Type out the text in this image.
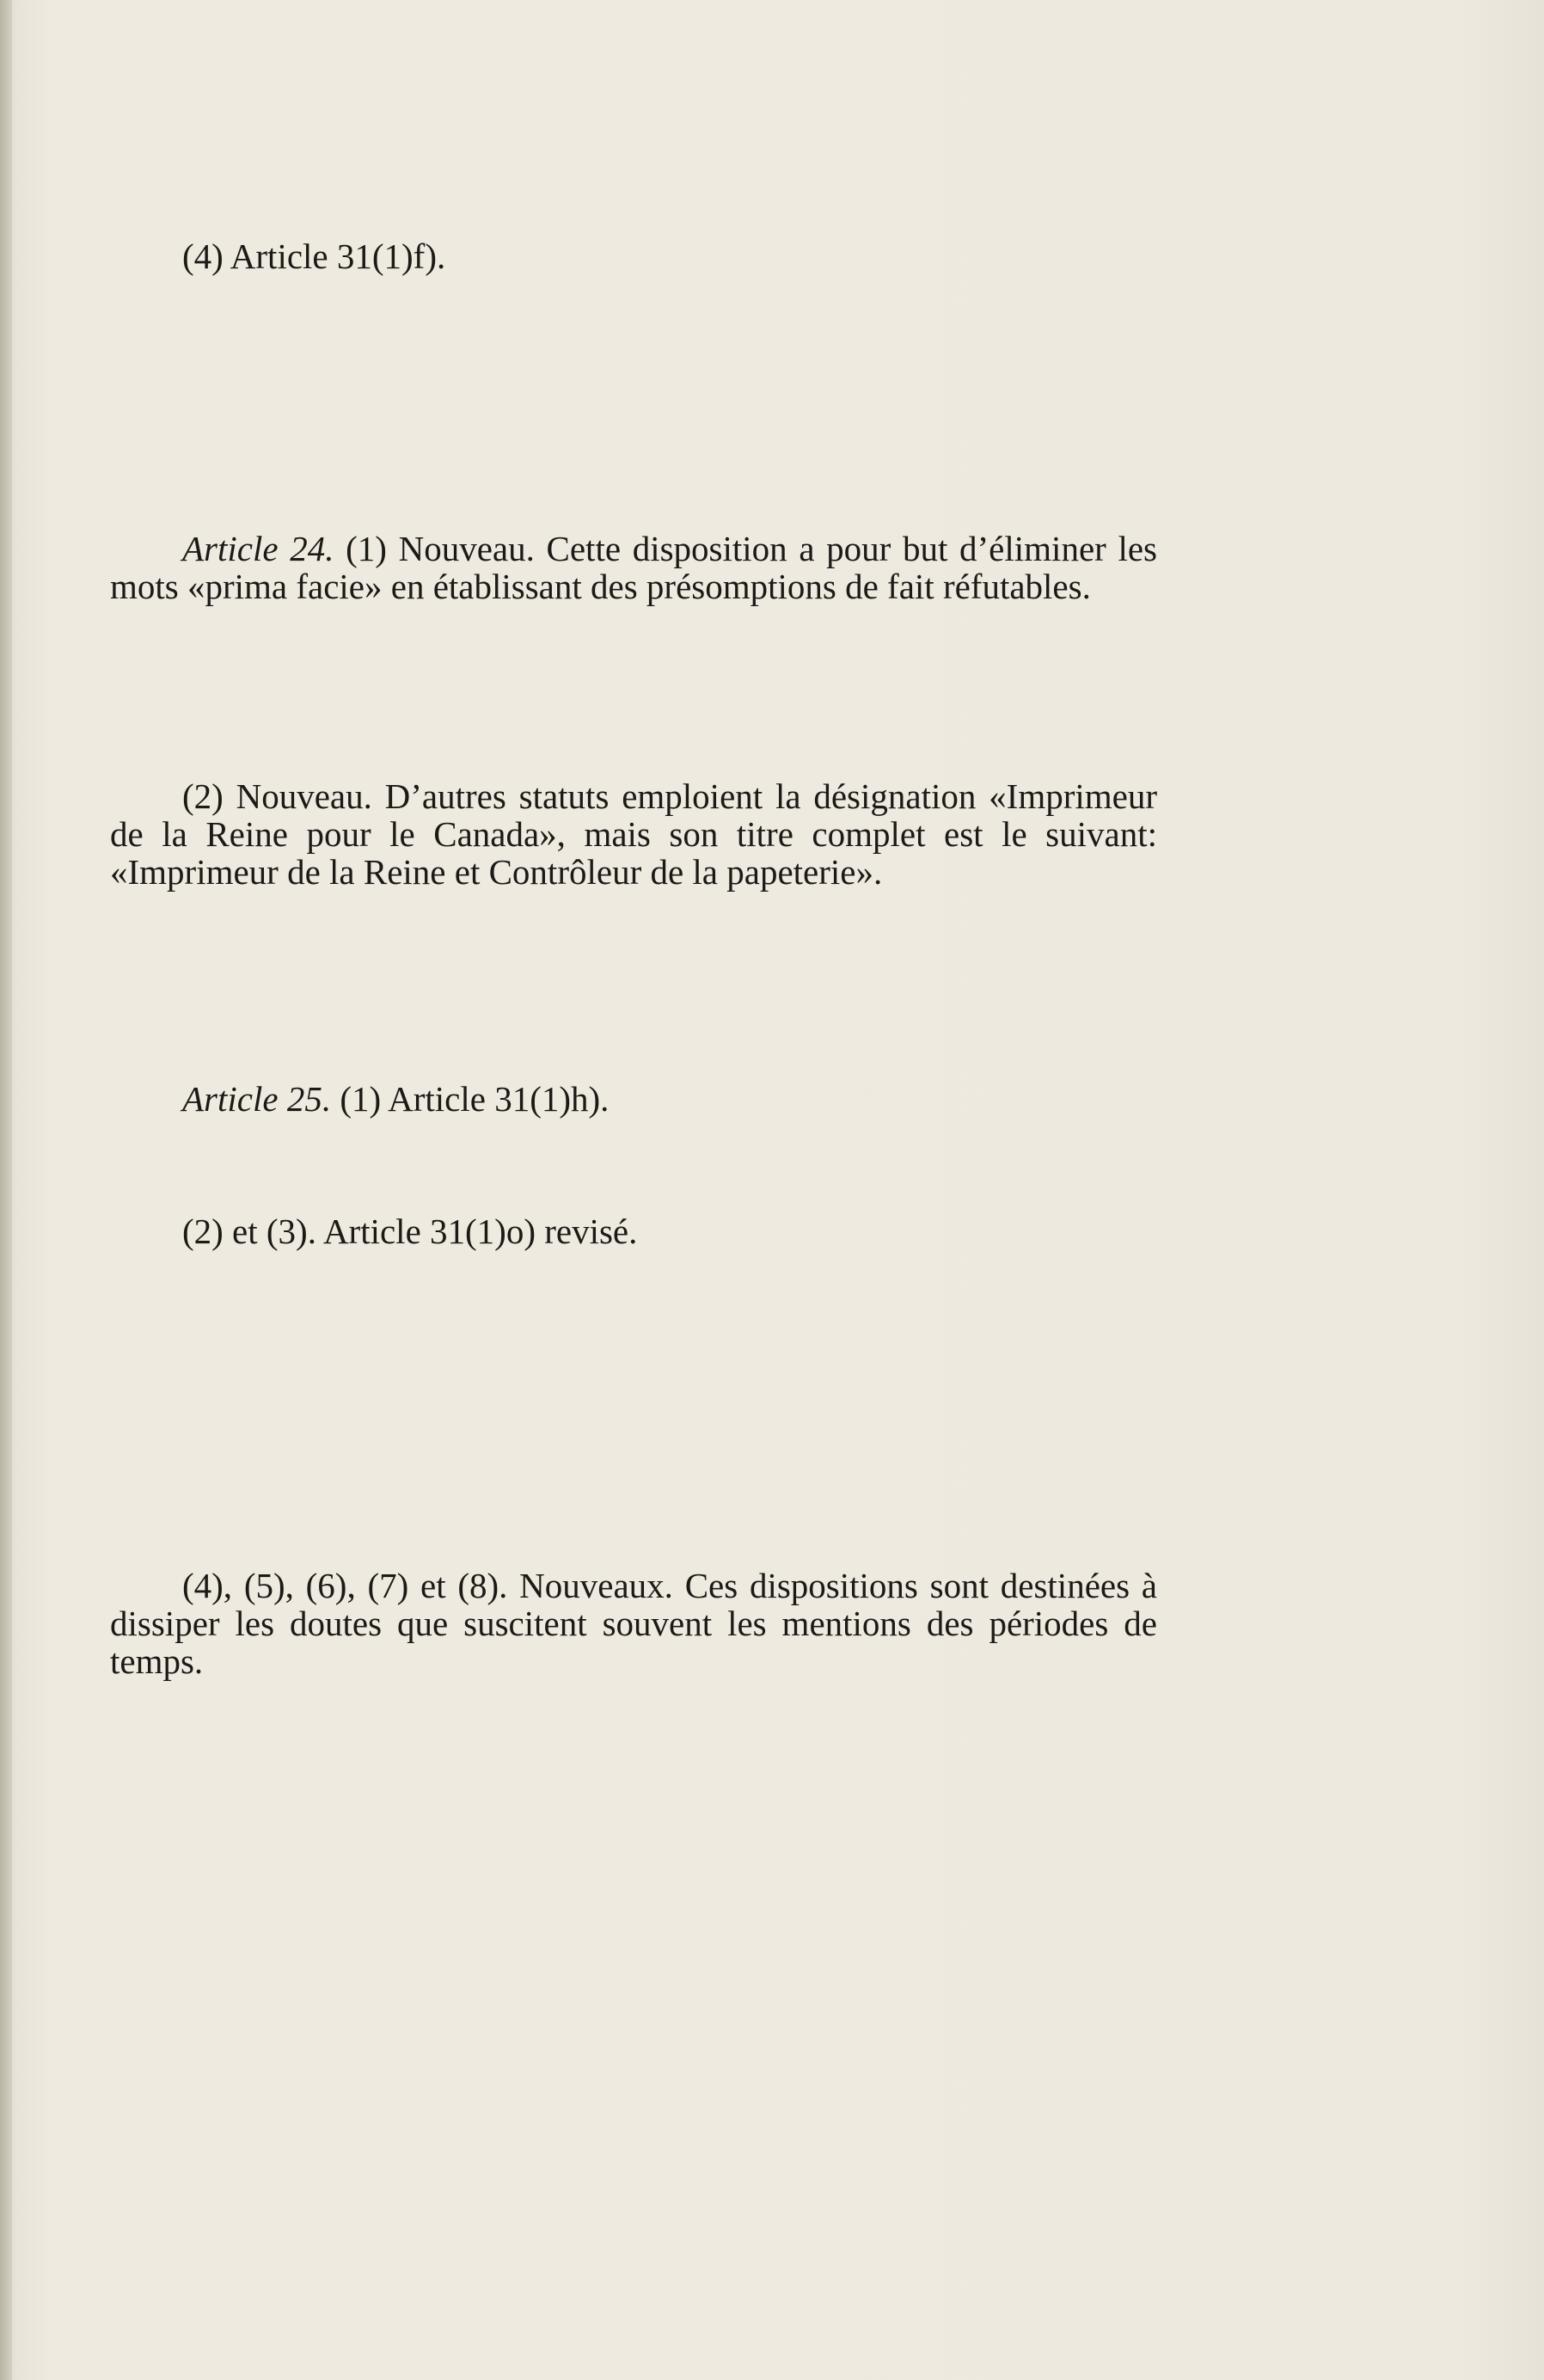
(4) Article 31(1)f).

Article 24. (1) Nouveau. Cette disposition a pour but d’éliminer les mots «prima facie» en établissant des présomptions de fait réfutables.

(2) Nouveau. D’autres statuts emploient la désignation «Imprimeur de la Reine pour le Canada», mais son titre complet est le suivant: «Imprimeur de la Reine et Contrôleur de la papeterie».

Article 25. (1) Article 31(1)h).

(2) et (3). Article 31(1)o) revisé.

(4), (5), (6), (7) et (8). Nouveaux. Ces dispositions sont destinées à dissiper les doutes que suscitent souvent les mentions des périodes de temps.
